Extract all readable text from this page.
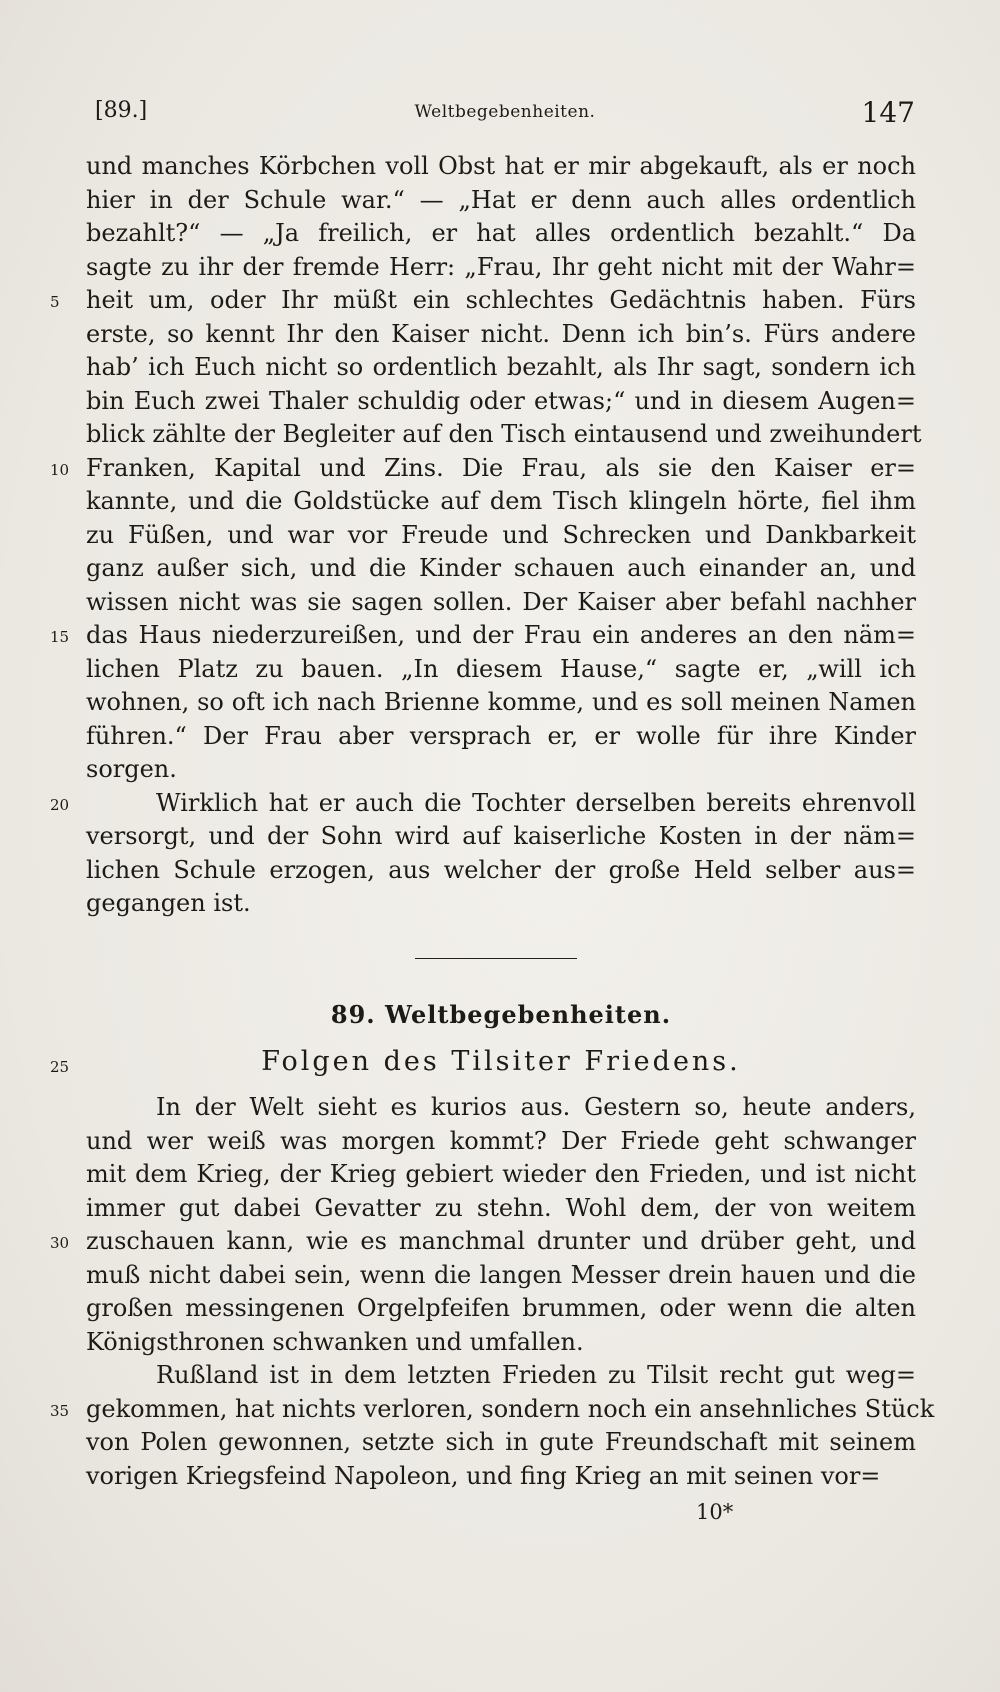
[89.]	Weltbegebenheiten.	147
und manches Körbchen voll Obst hat er mir abgekauft, als er noch
hier in der Schule war.“ — „Hat er denn auch alles ordentlich
bezahlt?“ — „Ja freilich, er hat alles ordentlich bezahlt.“ Da
sagte zu ihr der fremde Herr: „Frau, Ihr geht nicht mit der Wahr=
5	heit um, oder Ihr müßt ein schlechtes Gedächtnis haben. Fürs
erste, so kennt Ihr den Kaiser nicht. Denn ich bin’s. Fürs andere
hab’ ich Euch nicht so ordentlich bezahlt, als Ihr sagt, sondern ich
bin Euch zwei Thaler schuldig oder etwas;“ und in diesem Augen=
blick zählte der Begleiter auf den Tisch eintausend und zweihundert
10 Franken, Kapital und Zins. Die Frau, als sie den Kaiser er=
kannte, und die Goldstücke auf dem Tisch klingeln hörte, fiel ihm
zu Füßen, und war vor Freude und Schrecken und Dankbarkeit
ganz außer sich, und die Kinder schauen auch einander an, und
wissen nicht was sie sagen sollen. Der Kaiser aber befahl nachher
15 das Haus niederzureißen, und der Frau ein anderes an den näm=
lichen Platz zu bauen. „In diesem Hause,“ sagte er, „will ich
wohnen, so oft ich nach Brienne komme, und es soll meinen Namen
führen.“ Der Frau aber versprach er, er wolle für ihre Kinder
sorgen.
20	Wirklich hat er auch die Tochter derselben bereits ehrenvoll
versorgt, und der Sohn wird auf kaiserliche Kosten in der näm=
lichen Schule erzogen, aus welcher der große Held selber aus=
gegangen ist.
89. Weltbegebenheiten.
25	Folgen des Tilsiter Friedens.
In der Welt sieht es kurios aus. Gestern so, heute anders,
und wer weiß was morgen kommt? Der Friede geht schwanger
mit dem Krieg, der Krieg gebiert wieder den Frieden, und ist nicht
immer gut dabei Gevatter zu stehn. Wohl dem, der von weitem
30 zuschauen kann, wie es manchmal drunter und drüber geht, und
muß nicht dabei sein, wenn die langen Messer drein hauen und die
großen messingenen Orgelpfeifen brummen, oder wenn die alten
Königsthronen schwanken und umfallen.
Rußland ist in dem letzten Frieden zu Tilsit recht gut weg=
35 gekommen, hat nichts verloren, sondern noch ein ansehnliches Stück
von Polen gewonnen, setzte sich in gute Freundschaft mit seinem
vorigen Kriegsfeind Napoleon, und fing Krieg an mit seinen vor=
10*
